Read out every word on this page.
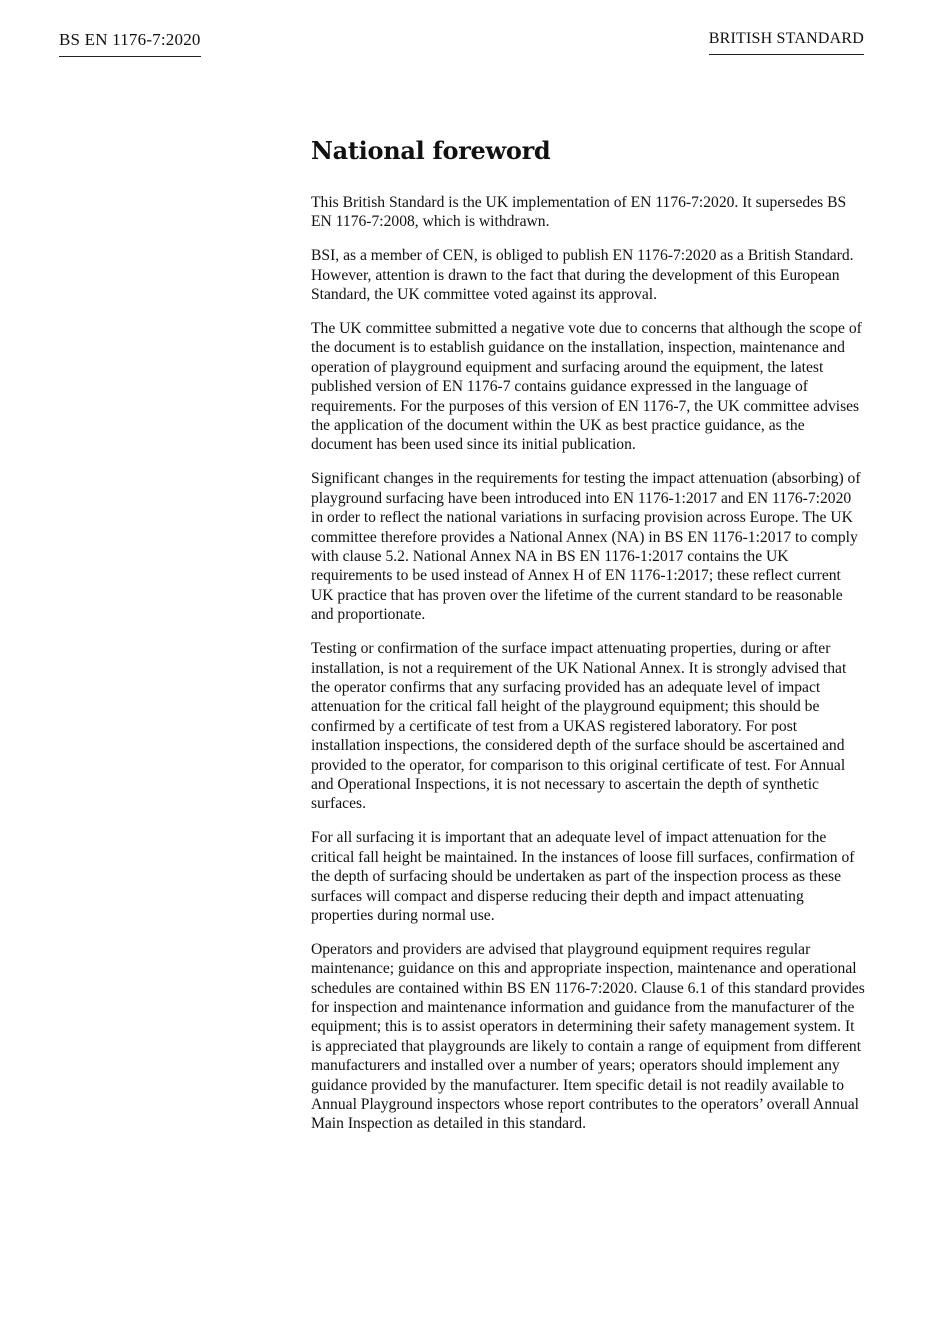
BS EN 1176-7:2020	BRITISH STANDARD
National foreword

This British Standard is the UK implementation of EN 1176-7:2020. It supersedes BS EN 1176-7:2008, which is withdrawn.

BSI, as a member of CEN, is obliged to publish EN 1176-7:2020 as a British Standard. However, attention is drawn to the fact that during the development of this European Standard, the UK committee voted against its approval.

The UK committee submitted a negative vote due to concerns that although the scope of the document is to establish guidance on the installation, inspection, maintenance and operation of playground equipment and surfacing around the equipment, the latest published version of EN 1176-7 contains guidance expressed in the language of requirements. For the purposes of this version of EN 1176-7, the UK committee advises the application of the document within the UK as best practice guidance, as the document has been used since its initial publication.

Significant changes in the requirements for testing the impact attenuation (absorbing) of playground surfacing have been introduced into EN 1176-1:2017 and EN 1176-7:2020 in order to reflect the national variations in surfacing provision across Europe. The UK committee therefore provides a National Annex (NA) in BS EN 1176-1:2017 to comply with clause 5.2. National Annex NA in BS EN 1176-1:2017 contains the UK requirements to be used instead of Annex H of EN 1176-1:2017; these reflect current UK practice that has proven over the lifetime of the current standard to be reasonable and proportionate.

Testing or confirmation of the surface impact attenuating properties, during or after installation, is not a requirement of the UK National Annex. It is strongly advised that the operator confirms that any surfacing provided has an adequate level of impact attenuation for the critical fall height of the playground equipment; this should be confirmed by a certificate of test from a UKAS registered laboratory. For post installation inspections, the considered depth of the surface should be ascertained and provided to the operator, for comparison to this original certificate of test. For Annual and Operational Inspections, it is not necessary to ascertain the depth of synthetic surfaces.

For all surfacing it is important that an adequate level of impact attenuation for the critical fall height be maintained. In the instances of loose fill surfaces, confirmation of the depth of surfacing should be undertaken as part of the inspection process as these surfaces will compact and disperse reducing their depth and impact attenuating properties during normal use.

Operators and providers are advised that playground equipment requires regular maintenance; guidance on this and appropriate inspection, maintenance and operational schedules are contained within BS EN 1176-7:2020. Clause 6.1 of this standard provides for inspection and maintenance information and guidance from the manufacturer of the equipment; this is to assist operators in determining their safety management system. It is appreciated that playgrounds are likely to contain a range of equipment from different manufacturers and installed over a number of years; operators should implement any guidance provided by the manufacturer. Item specific detail is not readily available to Annual Playground inspectors whose report contributes to the operators’ overall Annual Main Inspection as detailed in this standard.
